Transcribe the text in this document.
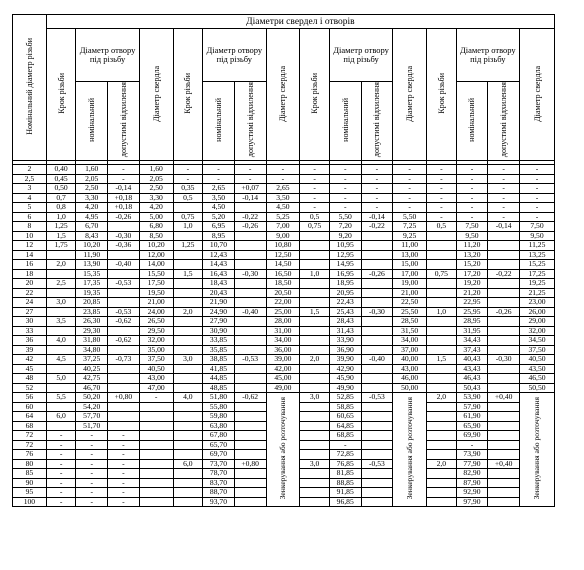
Номінальний діаметр різьби	Діаметри свердел і отворів															
	Крок різьби	Діаметр отвору під різьбу		Діаметр свердла	Крок різьби	Діаметр отвору під різьбу		Діаметр свердла	Крок різьби	Діаметр отвору під різьбу		Діаметр свердла	Крок різьби	Діаметр отвору під різьбу		Діаметр свердла
		номінальний	допустимі відхилення			номінальний	допустимі відхилення			номінальний	допустимі відхилення			номінальний	допустимі відхилення	

2	0,40	1,60	-	1,60	-	-	-	-	-	-	-	-	-	-	-	-
2,5	0,45	2,05	-	2,05	-	-	-	-	-	-	-	-	-	-	-	-
3	0,50	2,50	-0,14	2,50	0,35	2,65	+0,07	2,65	-	-	-	-	-	-	-	-
4	0,7	3,30	+0,18	3,30	0,5	3,50	-0,14	3,50	-	-	-	-	-	-	-	-
5	0,8	4,20	+0,18	4,20		4,50		4,50	-	-	-	-	-	-	-	-
6	1,0	4,95	-0,26	5,00	0,75	5,20	-0,22	5,25	0,5	5,50	-0,14	5,50	-	-	-	-
8	1,25	6,70		6,80	1,0	6,95	-0,26	7,00	0,75	7,20	-0,22	7,25	0,5	7,50	-0,14	7,50
10	1,5	8,43	-0,30	8,50		8,95		9,00		9,20		9,25		9,50		9,50
12	1,75	10,20	-0,36	10,20	1,25	10,70		10,80		10,95		11,00		11,20		11,25
14		11,90		12,00		12,43		12,50		12,95		13,00		13,20		13,25
16	2,0	13,90	-0,40	14,00		14,43		14,50		14,95		15,00		15,20		15,25
18		15,35		15,50	1,5	16,43	-0,30	16,50	1,0	16,95	-0,26	17,00	0,75	17,20	-0,22	17,25
20	2,5	17,35	-0,53	17,50		18,43		18,50		18,95		19,00		19,20		19,25
22		19,35		19,50		20,43		20,50		20,95		21,00		21,20		21,25
24	3,0	20,85		21,00		21,90		22,00		22,43		22,50		22,95		23,00
27		23,85	-0,53	24,00	2,0	24,90	-0,40	25,00	1,5	25,43	-0,30	25,50	1,0	25,95	-0,26	26,00
30	3,5	26,30	-0,62	26,50		27,90		28,00		28,43		28,50		28,95		29,00
33		29,30		29,50		30,90		31,00		31,43		31,50		31,95		32,00
36	4,0	31,80	-0,62	32,00		33,85		34,00		33,90		34,00		34,43		34,50
39		34,80		35,00		35,85		36,00		36,90		37,00		37,43		37,50
42	4,5	37,25	-0,73	37,50	3,0	38,85	-0,53	39,00	2,0	39,90	-0,40	40,00	1,5	40,43	-0,30	40,50
45		40,25		40,50		41,85		42,00		42,90		43,00		43,43		43,50
48	5,0	42,75		43,00		44,85		45,00		45,90		46,00		46,43		46,50
52		46,70		47,00		48,85		49,00		49,90		50,00		50,43		50,50
56	5,5	50,20	+0,80	-	4,0	51,80	-0,62	Зенкерування або розточування	3,0	52,85	-0,53	Зенкерування або розточування	2,0	53,90	+0,40	Зенкерування або розточування
60		54,20				55,80				58,85				57,90	
64	6,0	57,70				59,80				60,65				61,90	
68		51,70				63,80				64,85				65,90	
72	-	-	-			67,80				68,85				69,90	
72	-	-	-			65,70				-				-	
76	-	-	-			69,70				72,85				73,90	
80	-	-	-		6,0	73,70	+0,80		3,0	76,85	-0,53		2,0	77,90	+0,40
85	-	-	-			78,70				81,85				82,90	
90	-	-	-			83,70				88,85				87,90	
95	-	-	-			88,70				91,85				92,90	
100	-	-	-			93,70				96,85				97,90	
